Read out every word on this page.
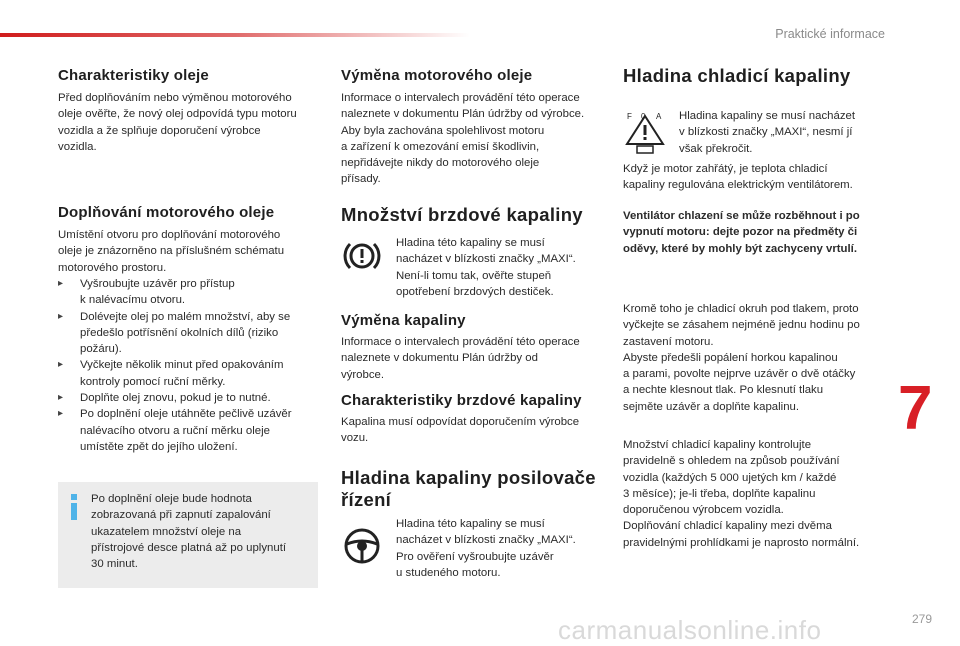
Praktické informace
Charakteristiky oleje

Před doplňováním nebo výměnou motorového
oleje ověřte, že nový olej odpovídá typu motoru
vozidla a že splňuje doporučení výrobce
vozidla.

Doplňování motorového oleje

Umístění otvoru pro doplňování motorového
oleje je znázorněno na příslušném schématu
motorového prostoru.

▸ Vyšroubujte uzávěr pro přístup
k nalévacímu otvoru.
▸ Dolévejte olej po malém množství, aby se
předešlo potřísnění okolních dílů (riziko
požáru).
▸ Vyčkejte několik minut před opakováním
kontroly pomocí ruční měrky.
▸ Doplňte olej znovu, pokud je to nutné.
▸ Po doplnění oleje utáhněte pečlivě uzávěr
nalévacího otvoru a ruční měrku oleje
umístěte zpět do jejího uložení.

Po doplnění oleje bude hodnota
zobrazovaná při zapnutí zapalování
ukazatelem množství oleje na
přístrojové desce platná až po uplynutí
30 minut.

Výměna motorového oleje

Informace o intervalech provádění této operace
naleznete v dokumentu Plán údržby od výrobce.
Aby byla zachována spolehlivost motoru
a zařízení k omezování emisí škodlivin,
nepřidávejte nikdy do motorového oleje
přísady.

Množství brzdové kapaliny

Hladina této kapaliny se musí
nacházet v blízkosti značky „MAXI“.
Není-li tomu tak, ověřte stupeň
opotřebení brzdových destiček.

Výměna kapaliny

Informace o intervalech provádění této operace
naleznete v dokumentu Plán údržby od
výrobce.

Charakteristiky brzdové kapaliny

Kapalina musí odpovídat doporučením výrobce
vozu.

Hladina kapaliny posilovače
řízení

Hladina této kapaliny se musí
nacházet v blízkosti značky „MAXI“.
Pro ověření vyšroubujte uzávěr
u studeného motoru.

Hladina chladicí kapaliny
F 0 A Hladina kapaliny se musí nacházet
v blízkosti značky „MAXI“, nesmí jí
však překročit.

Když je motor zahřátý, je teplota chladicí
kapaliny regulována elektrickým ventilátorem.

Ventilátor chlazení se může rozběhnout i po
vypnutí motoru: dejte pozor na předměty či
oděvy, které by mohly být zachyceny vrtulí.

Kromě toho je chladicí okruh pod tlakem, proto
vyčkejte se zásahem nejméně jednu hodinu po
zastavení motoru.
Abyste předešli popálení horkou kapalinou
a parami, povolte nejprve uzávěr o dvě otáčky
a nechte klesnout tlak. Po klesnutí tlaku
sejměte uzávěr a doplňte kapalinu.

Množství chladicí kapaliny kontrolujte
pravidelně s ohledem na způsob používání
vozidla (každých 5 000 ujetých km / každé
3 měsíce); je-li třeba, doplňte kapalinu
doporučenou výrobcem vozidla.
Doplňování chladicí kapaliny mezi dvěma
pravidelnými prohlídkami je naprosto normální.

7
carmanualsonline.info	279
